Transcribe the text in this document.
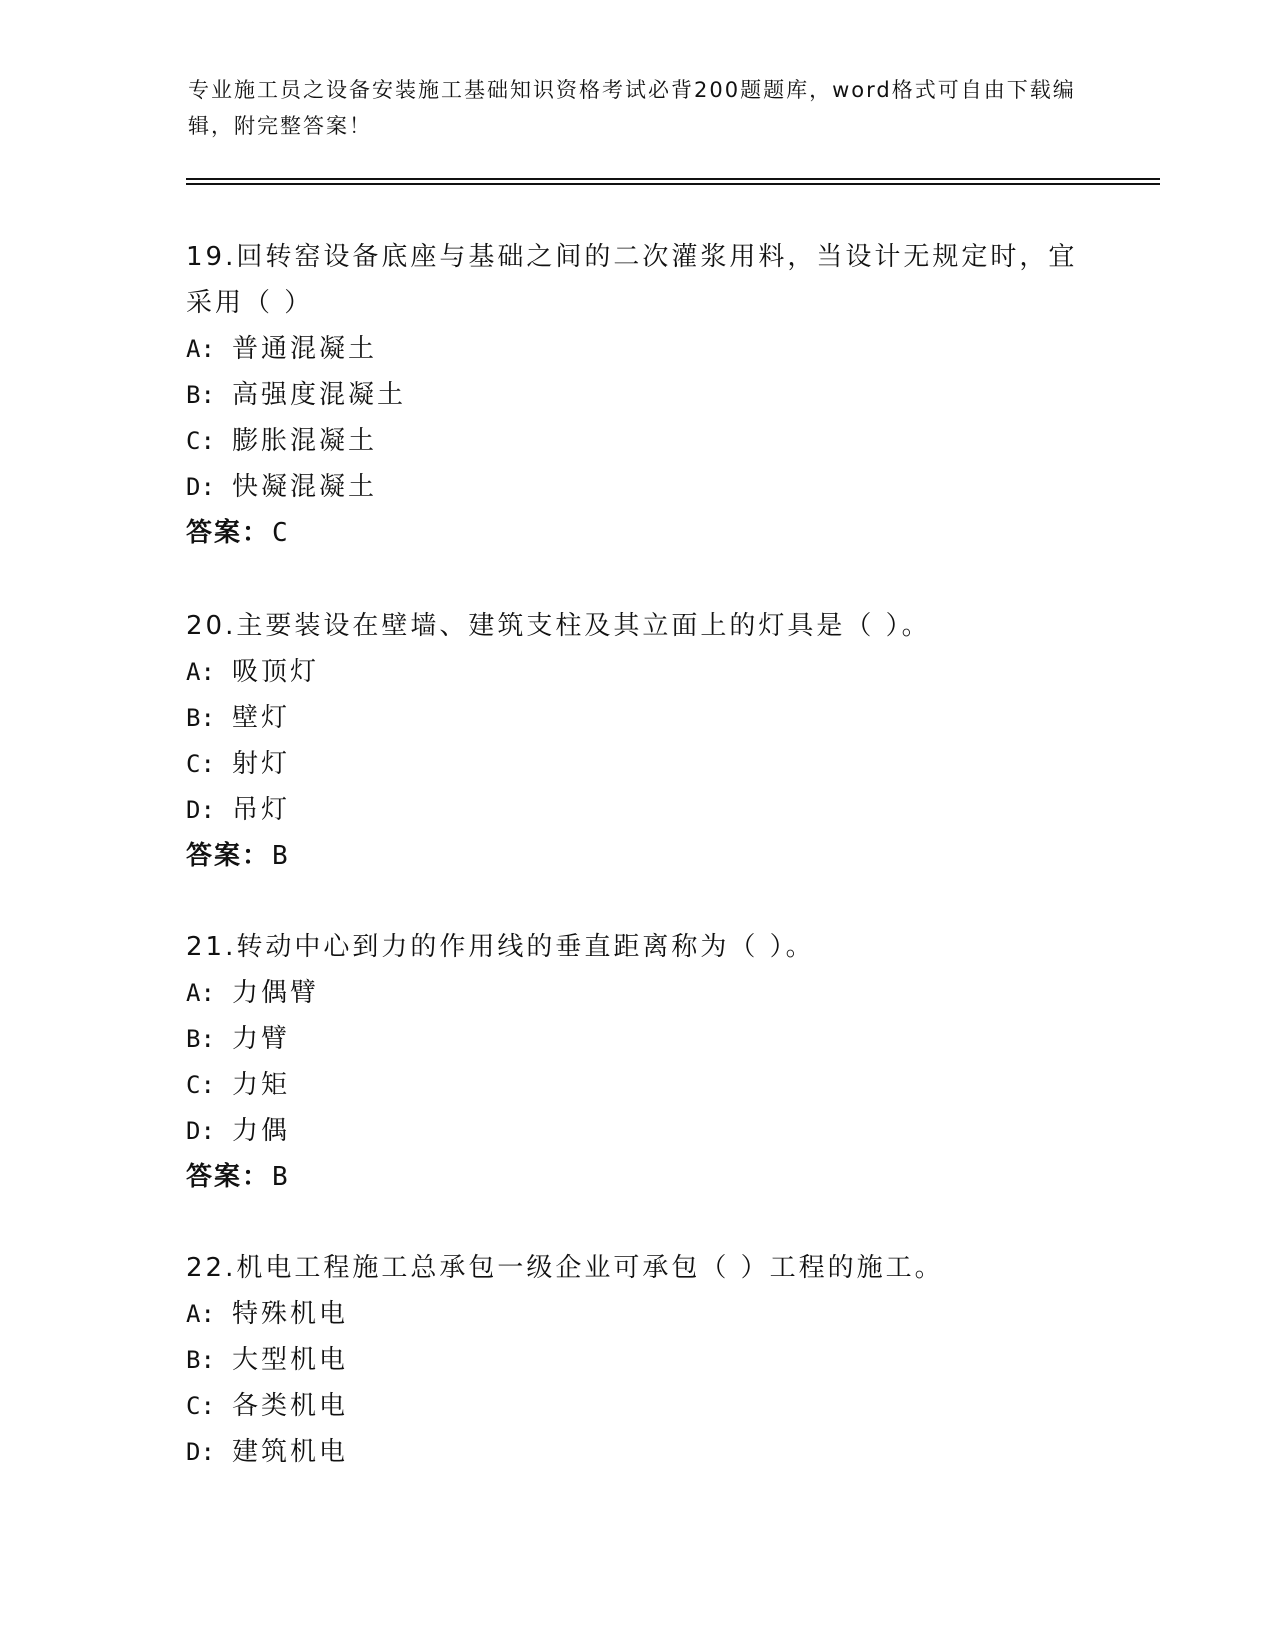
专业施工员之设备安装施工基础知识资格考试必背200题题库，word格式可自由下载编辑，附完整答案！
19.回转窑设备底座与基础之间的二次灌浆用料，当设计无规定时，宜采用（ ）
A: 普通混凝土
B: 高强度混凝土
C: 膨胀混凝土
D: 快凝混凝土
答案：C
20.主要装设在壁墙、建筑支柱及其立面上的灯具是（ ）。
A: 吸顶灯
B: 壁灯
C: 射灯
D: 吊灯
答案：B
21.转动中心到力的作用线的垂直距离称为（ ）。
A: 力偶臂
B: 力臂
C: 力矩
D: 力偶
答案：B
22.机电工程施工总承包一级企业可承包（ ）工程的施工。
A: 特殊机电
B: 大型机电
C: 各类机电
D: 建筑机电
